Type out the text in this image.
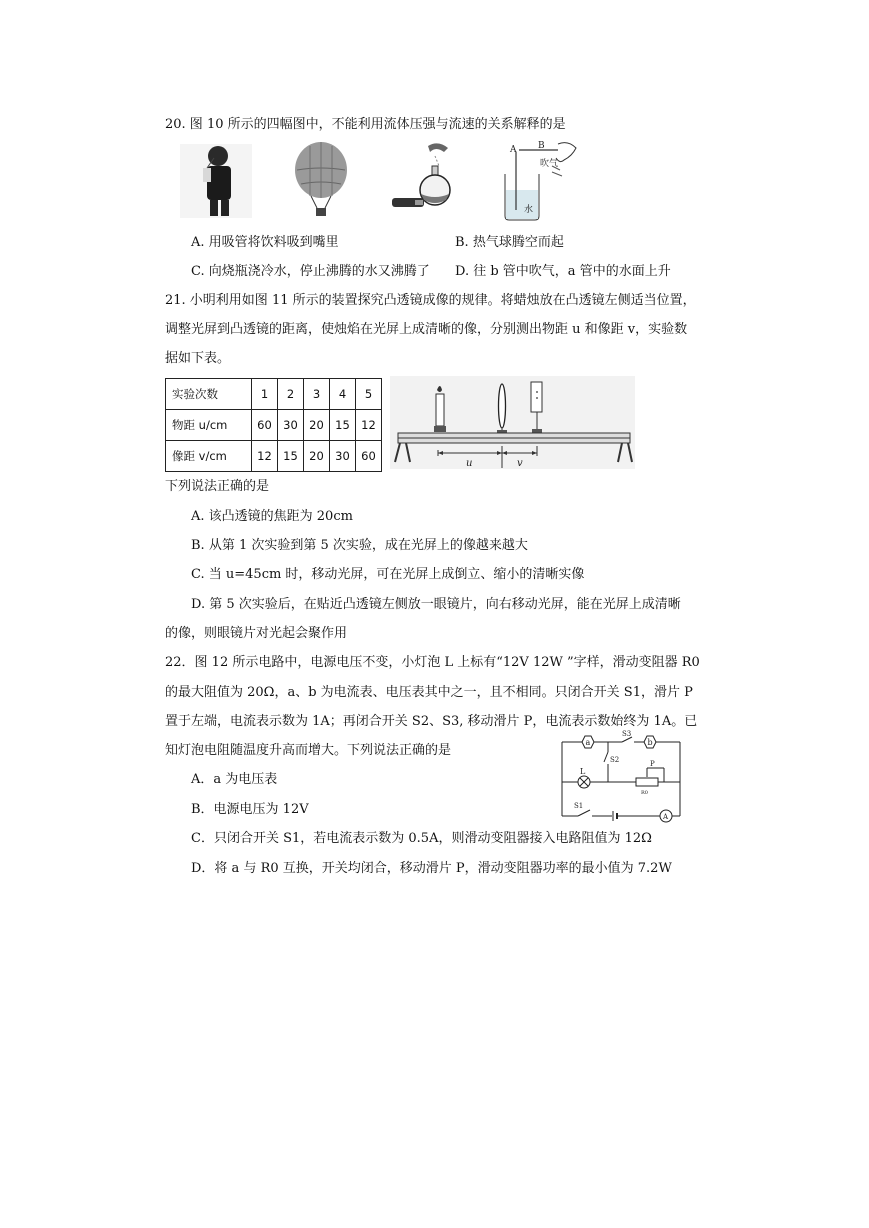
20. 图 10 所示的四幅图中，不能利用流体压强与流速的关系解释的是
A B
吹气
水
A. 用吸管将饮料吸到嘴里	B. 热气球腾空而起
C. 向烧瓶浇冷水，停止沸腾的水又沸腾了 D. 往 b 管中吹气，a 管中的水面上升
21. 小明利用如图 11 所示的装置探究凸透镜成像的规律。将蜡烛放在凸透镜左侧适当位置，
调整光屏到凸透镜的距离，使烛焰在光屏上成清晰的像，分别测出物距 u 和像距 v，实验数
据如下表。
实验次数	1	2	3	4	5
物距 u/cm	60	30	20	15	12
像距 v/cm	12	15	20	30	60
u	v
下列说法正确的是
A. 该凸透镜的焦距为 20cm
B. 从第 1 次实验到第 5 次实验，成在光屏上的像越来越大
C. 当 u=45cm 时，移动光屏，可在光屏上成倒立、缩小的清晰实像
D. 第 5 次实验后，在贴近凸透镜左侧放一眼镜片，向右移动光屏，能在光屏上成清晰
的像，则眼镜片对光起会聚作用
22．图 12 所示电路中，电源电压不变，小灯泡 L 上标有“12V 12W ”字样，滑动变阻器 R0
的最大阻值为 20Ω，a、b 为电流表、电压表其中之一，且不相同。只闭合开关 S1，滑片 P
置于左端，电流表示数为 1A；再闭合开关 S2、S3, 移动滑片 P，电流表示数始终为 1A。已
知灯泡电阻随温度升高而增大。下列说法正确的是
a	b
A
S3
S2
L
P
R0
S1
A．a 为电压表
B．电源电压为 12V
C．只闭合开关 S1，若电流表示数为 0.5A，则滑动变阻器接入电路阻值为 12Ω
D．将 a 与 R0 互换，开关均闭合，移动滑片 P，滑动变阻器功率的最小值为 7.2W
